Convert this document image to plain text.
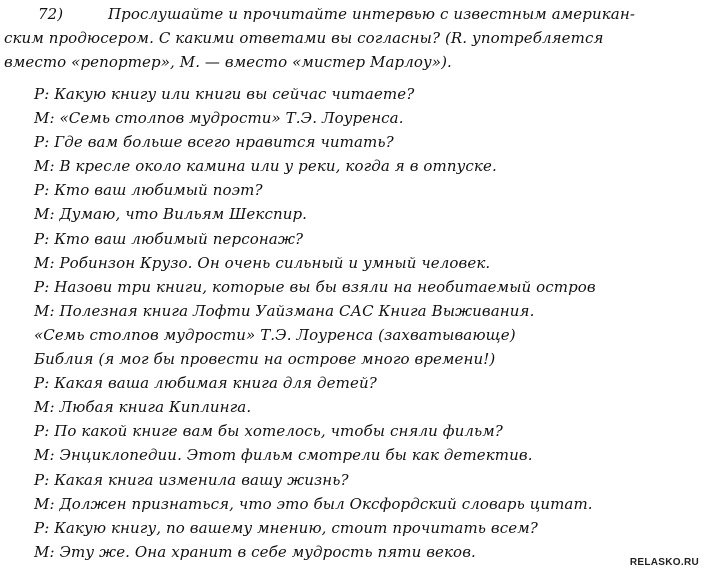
72)	Прослушайте и прочитайте интервью с известным американ-
ским продюсером. С какими ответами вы согласны? (R. употребляется
вместо «репортер», М. — вместо «мистер Марлоу»).
Р: Какую книгу или книги вы сейчас читаете?
М: «Семь столпов мудрости» Т.Э. Лоуренса.
Р: Где вам больше всего нравится читать?
М: В кресле около камина или у реки, когда я в отпуске.
Р: Кто ваш любимый поэт?
М: Думаю, что Вильям Шекспир.
Р: Кто ваш любимый персонаж?
М: Робинзон Крузо. Он очень сильный и умный человек.
Р: Назови три книги, которые вы бы взяли на необитаемый остров
М: Полезная книга Лофти Уайзмана САС Книга Выживания.
«Семь столпов мудрости» Т.Э. Лоуренса (захватывающе)
Библия (я мог бы провести на острове много времени!)
Р: Какая ваша любимая книга для детей?
М: Любая книга Киплинга.
Р: По какой книге вам бы хотелось, чтобы сняли фильм?
М: Энциклопедии. Этот фильм смотрели бы как детектив.
Р: Какая книга изменила вашу жизнь?
М: Должен признаться, что это был Оксфордский словарь цитат.
Р: Какую книгу, по вашему мнению, стоит прочитать всем?
М: Эту же. Она хранит в себе мудрость пяти веков.
RELASKO.RU
